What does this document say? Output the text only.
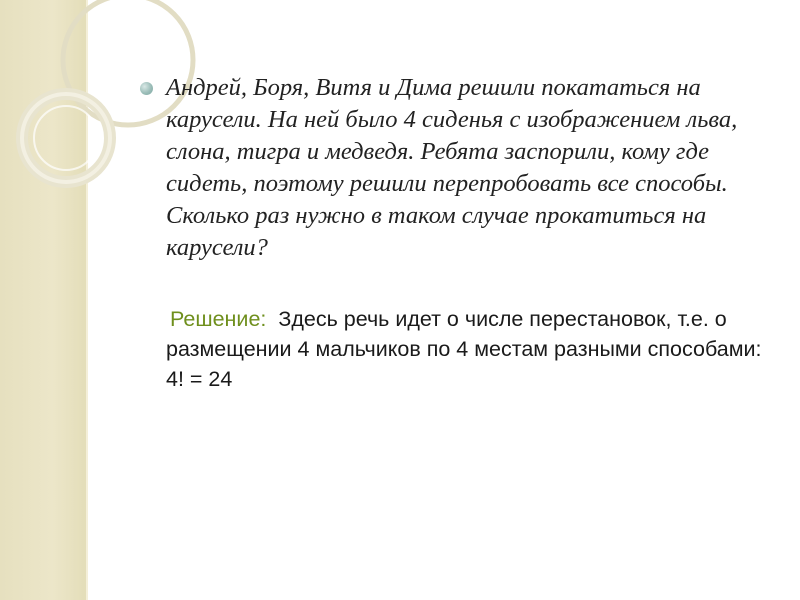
Андрей, Боря, Витя и Дима решили покататься на карусели. На ней было 4 сиденья с изображением льва, слона, тигра и медведя. Ребята заспорили, кому где сидеть, поэтому решили перепробовать все способы. Сколько раз нужно в таком случае прокатиться на карусели?

Решение: Здесь речь идет о числе перестановок, т.е. о размещении 4 мальчиков по 4 местам разными способами: 4! = 24
